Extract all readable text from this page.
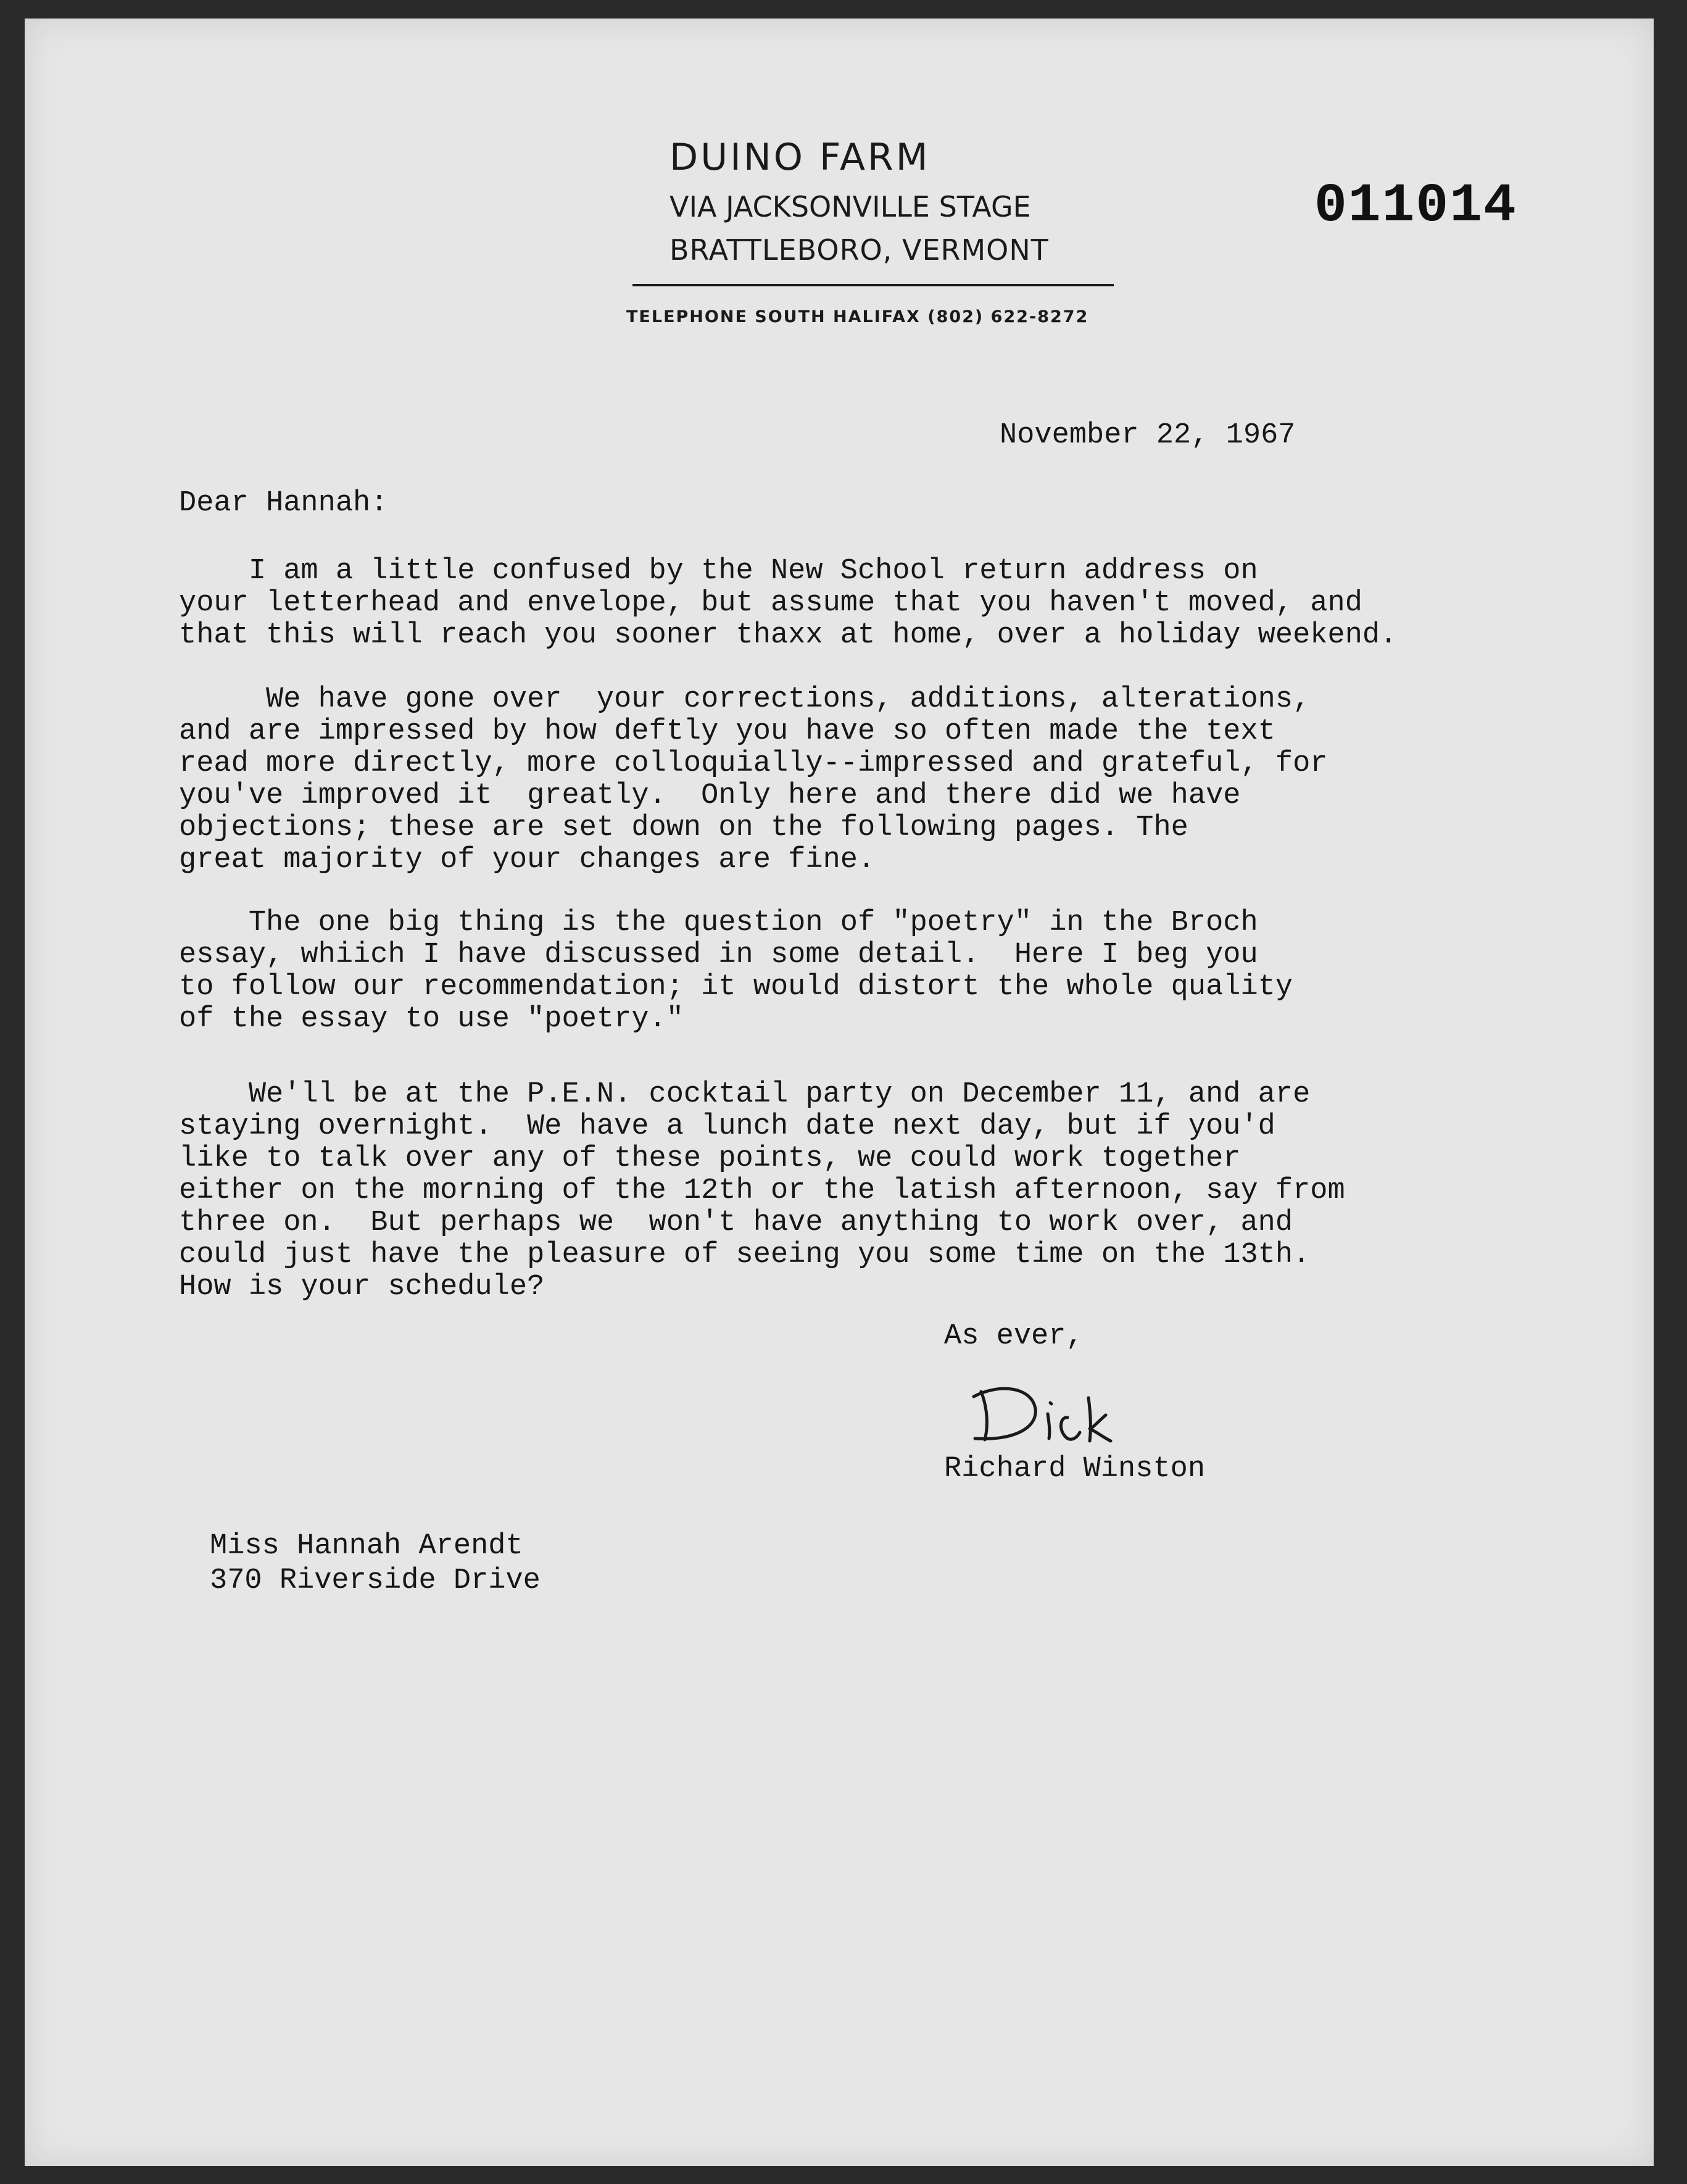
DUINO FARM
VIA JACKSONVILLE STAGE
BRATTLEBORO, VERMONT
TELEPHONE SOUTH HALIFAX (802) 622-8272
011014
November 22, 1967
Dear Hannah:
I am a little confused by the New School return address on
your letterhead and envelope, but assume that you haven't moved, and
that this will reach you sooner thaxx at home, over a holiday weekend.
We have gone over  your corrections, additions, alterations,
and are impressed by how deftly you have so often made the text
read more directly, more colloquially--impressed and grateful, for
you've improved it  greatly.  Only here and there did we have
objections; these are set down on the following pages. The
great majority of your changes are fine.
The one big thing is the question of "poetry" in the Broch
essay, whiich I have discussed in some detail.  Here I beg you
to follow our recommendation; it would distort the whole quality
of the essay to use "poetry."
We'll be at the P.E.N. cocktail party on December 11, and are
staying overnight.  We have a lunch date next day, but if you'd
like to talk over any of these points, we could work together
either on the morning of the 12th or the latish afternoon, say from
three on.  But perhaps we  won't have anything to work over, and
could just have the pleasure of seeing you some time on the 13th.
How is your schedule?
As ever,
Richard Winston
Miss Hannah Arendt
370 Riverside Drive
